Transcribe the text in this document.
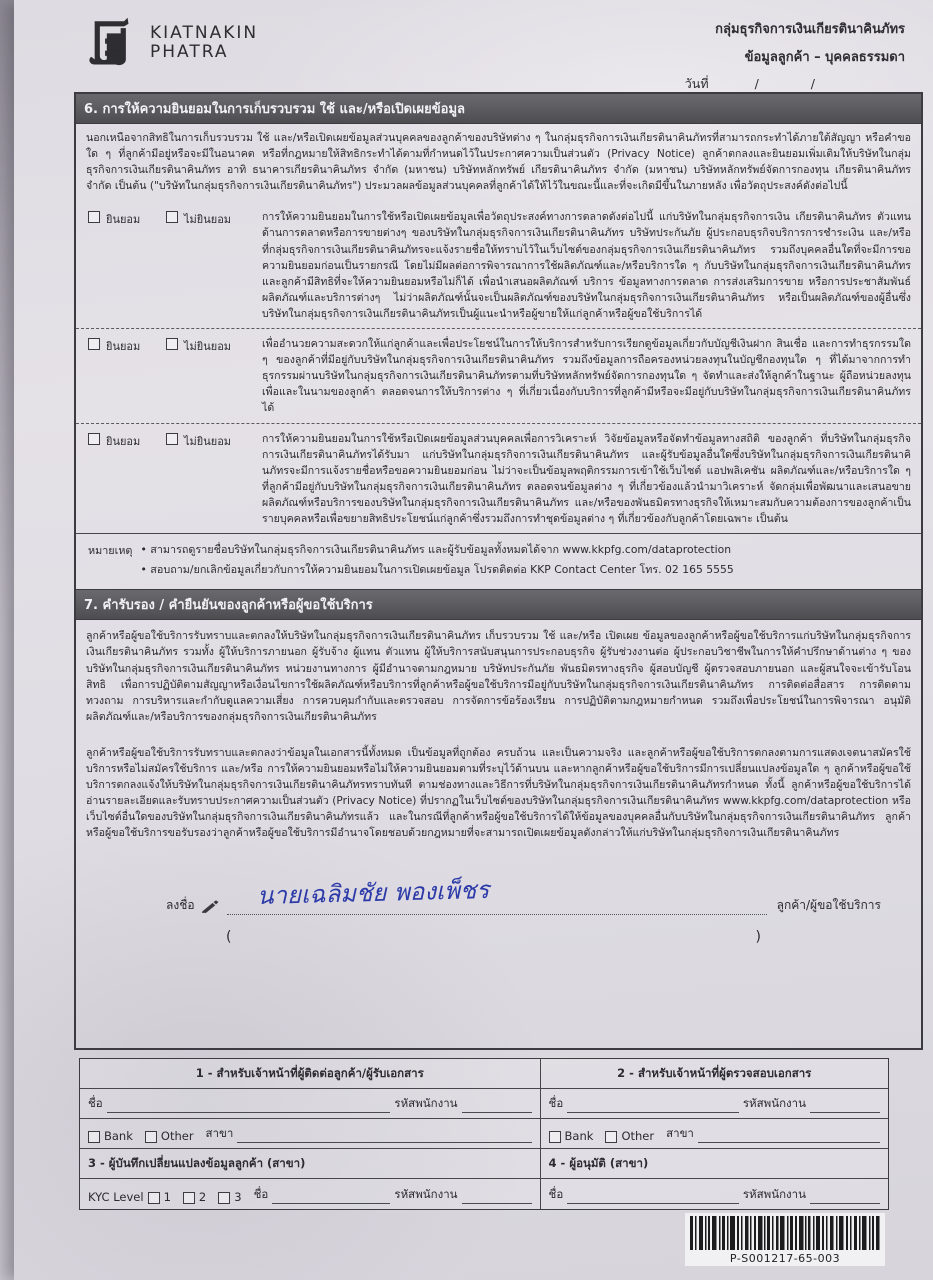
KIATNAKIN
PHATRA
กลุ่มธุรกิจการเงินเกียรตินาคินภัทร
ข้อมูลลูกค้า – บุคคลธรรมดา
วันที่	/	/
6. การให้ความยินยอมในการเก็บรวบรวม ใช้ และ/หรือเปิดเผยข้อมูล
นอกเหนือจากสิทธิในการเก็บรวบรวม ใช้ และ/หรือเปิดเผยข้อมูลส่วนบุคคลของลูกค้าของบริษัทต่าง ๆ ในกลุ่มธุรกิจการเงินเกียรตินาคินภัทรที่สามารถกระทำได้ภายใต้สัญญา หรือคำขอใด ๆ ที่ลูกค้ามีอยู่หรือจะมีในอนาคต หรือที่กฎหมายให้สิทธิกระทำได้ตามที่กำหนดไว้ในประกาศความเป็นส่วนตัว (Privacy Notice) ลูกค้าตกลงและยินยอมเพิ่มเติมให้บริษัทในกลุ่มธุรกิจการเงินเกียรตินาคินภัทร อาทิ ธนาคารเกียรตินาคินภัทร จำกัด (มหาชน) บริษัทหลักทรัพย์ เกียรตินาคินภัทร จำกัด (มหาชน) บริษัทหลักทรัพย์จัดการกองทุน เกียรตินาคินภัทร จำกัด เป็นต้น ("บริษัทในกลุ่มธุรกิจการเงินเกียรตินาคินภัทร") ประมวลผลข้อมูลส่วนบุคคลที่ลูกค้าได้ให้ไว้ในขณะนี้และที่จะเกิดมีขึ้นในภายหลัง เพื่อวัตถุประสงค์ดังต่อไปนี้
ยินยอม	ไม่ยินยอม	การให้ความยินยอมในการใช้หรือเปิดเผยข้อมูลเพื่อวัตถุประสงค์ทางการตลาดดังต่อไปนี้ แก่บริษัทในกลุ่มธุรกิจการเงิน เกียรตินาคินภัทร ตัวแทนด้านการตลาดหรือการขายต่างๆ ของบริษัทในกลุ่มธุรกิจการเงินเกียรตินาคินภัทร บริษัทประกันภัย ผู้ประกอบธุรกิจบริการการชำระเงิน และ/หรือ ที่กลุ่มธุรกิจการเงินเกียรตินาคินภัทรจะแจ้งรายชื่อให้ทราบไว้ในเว็บไซต์ของกลุ่มธุรกิจการเงินเกียรตินาคินภัทร รวมถึงบุคคลอื่นใดที่จะมีการขอความยินยอมก่อนเป็นรายกรณี โดยไม่มีผลต่อการพิจารณาการใช้ผลิตภัณฑ์และ/หรือบริการใด ๆ กับบริษัทในกลุ่มธุรกิจการเงินเกียรตินาคินภัทร และลูกค้ามีสิทธิที่จะให้ความยินยอมหรือไม่ก็ได้ เพื่อนำเสนอผลิตภัณฑ์ บริการ ข้อมูลทางการตลาด การส่งเสริมการขาย หรือการประชาสัมพันธ์ผลิตภัณฑ์และบริการต่างๆ ไม่ว่าผลิตภัณฑ์นั้นจะเป็นผลิตภัณฑ์ของบริษัทในกลุ่มธุรกิจการเงินเกียรตินาคินภัทร หรือเป็นผลิตภัณฑ์ของผู้อื่นซึ่งบริษัทในกลุ่มธุรกิจการเงินเกียรตินาคินภัทรเป็นผู้แนะนำหรือผู้ขายให้แก่ลูกค้าหรือผู้ขอใช้บริการได้
ยินยอม	ไม่ยินยอม	เพื่ออำนวยความสะดวกให้แก่ลูกค้าและเพื่อประโยชน์ในการให้บริการสำหรับการเรียกดูข้อมูลเกี่ยวกับบัญชีเงินฝาก สินเชื่อ และการทำธุรกรรมใด ๆ ของลูกค้าที่มีอยู่กับบริษัทในกลุ่มธุรกิจการเงินเกียรตินาคินภัทร รวมถึงข้อมูลการถือครองหน่วยลงทุนในบัญชีกองทุนใด ๆ ที่ได้มาจากการทำธุรกรรมผ่านบริษัทในกลุ่มธุรกิจการเงินเกียรตินาคินภัทรตามที่บริษัทหลักทรัพย์จัดการกองทุนใด ๆ จัดทำและส่งให้ลูกค้าในฐานะ ผู้ถือหน่วยลงทุนเพื่อและในนามของลูกค้า ตลอดจนการให้บริการต่าง ๆ ที่เกี่ยวเนื่องกับบริการที่ลูกค้ามีหรือจะมีอยู่กับบริษัทในกลุ่มธุรกิจการเงินเกียรตินาคินภัทรได้
ยินยอม	ไม่ยินยอม	การให้ความยินยอมในการใช้หรือเปิดเผยข้อมูลส่วนบุคคลเพื่อการวิเคราะห์ วิจัยข้อมูลหรือจัดทำข้อมูลทางสถิติ ของลูกค้า ที่บริษัทในกลุ่มธุรกิจการเงินเกียรตินาคินภัทรได้รับมา แก่บริษัทในกลุ่มธุรกิจการเงินเกียรตินาคินภัทร และผู้รับข้อมูลอื่นใดซึ่งบริษัทในกลุ่มธุรกิจการเงินเกียรตินาคินภัทรจะมีการแจ้งรายชื่อหรือขอความยินยอมก่อน ไม่ว่าจะเป็นข้อมูลพฤติกรรมการเข้าใช้เว็บไซต์ แอปพลิเคชัน ผลิตภัณฑ์และ/หรือบริการใด ๆ ที่ลูกค้ามีอยู่กับบริษัทในกลุ่มธุรกิจการเงินเกียรตินาคินภัทร ตลอดจนข้อมูลต่าง ๆ ที่เกี่ยวข้องแล้วนำมาวิเคราะห์ จัดกลุ่มเพื่อพัฒนาและเสนอขายผลิตภัณฑ์หรือบริการของบริษัทในกลุ่มธุรกิจการเงินเกียรตินาคินภัทร และ/หรือของพันธมิตรทางธุรกิจให้เหมาะสมกับความต้องการของลูกค้าเป็นรายบุคคลหรือเพื่อขยายสิทธิประโยชน์แก่ลูกค้าซึ่งรวมถึงการทำชุดข้อมูลต่าง ๆ ที่เกี่ยวข้องกับลูกค้าโดยเฉพาะ เป็นต้น
หมายเหตุ	• สามารถดูรายชื่อบริษัทในกลุ่มธุรกิจการเงินเกียรตินาคินภัทร และผู้รับข้อมูลทั้งหมดได้จาก www.kkpfg.com/dataprotection
• สอบถาม/ยกเลิกข้อมูลเกี่ยวกับการให้ความยินยอมในการเปิดเผยข้อมูล โปรดติดต่อ KKP Contact Center โทร. 02 165 5555
7. คำรับรอง / คำยืนยันของลูกค้าหรือผู้ขอใช้บริการ
ลูกค้าหรือผู้ขอใช้บริการรับทราบและตกลงให้บริษัทในกลุ่มธุรกิจการเงินเกียรตินาคินภัทร เก็บรวบรวม ใช้ และ/หรือ เปิดเผย ข้อมูลของลูกค้าหรือผู้ขอใช้บริการแก่บริษัทในกลุ่มธุรกิจการเงินเกียรตินาคินภัทร รวมทั้ง ผู้ให้บริการภายนอก ผู้รับจ้าง ผู้แทน ตัวแทน ผู้ให้บริการสนับสนุนการประกอบธุรกิจ ผู้รับช่วงงานต่อ ผู้ประกอบวิชาชีพในการให้คำปรึกษาด้านต่าง ๆ ของบริษัทในกลุ่มธุรกิจการเงินเกียรตินาคินภัทร หน่วยงานทางการ ผู้มีอำนาจตามกฎหมาย บริษัทประกันภัย พันธมิตรทางธุรกิจ ผู้สอบบัญชี ผู้ตรวจสอบภายนอก และผู้สนใจจะเข้ารับโอนสิทธิ เพื่อการปฏิบัติตามสัญญาหรือเงื่อนไขการใช้ผลิตภัณฑ์หรือบริการที่ลูกค้าหรือผู้ขอใช้บริการมีอยู่กับบริษัทในกลุ่มธุรกิจการเงินเกียรตินาคินภัทร การติดต่อสื่อสาร การติดตามทวงถาม การบริหารและกำกับดูแลความเสี่ยง การควบคุมกำกับและตรวจสอบ การจัดการข้อร้องเรียน การปฏิบัติตามกฎหมายกำหนด รวมถึงเพื่อประโยชน์ในการพิจารณา อนุมัติ ผลิตภัณฑ์และ/หรือบริการของกลุ่มธุรกิจการเงินเกียรตินาคินภัทร
ลูกค้าหรือผู้ขอใช้บริการรับทราบและตกลงว่าข้อมูลในเอกสารนี้ทั้งหมด เป็นข้อมูลที่ถูกต้อง ครบถ้วน และเป็นความจริง และลูกค้าหรือผู้ขอใช้บริการตกลงตามการแสดงเจตนาสมัครใช้บริการหรือไม่สมัครใช้บริการ และ/หรือ การให้ความยินยอมหรือไม่ให้ความยินยอมตามที่ระบุไว้ด้านบน และหากลูกค้าหรือผู้ขอใช้บริการมีการเปลี่ยนแปลงข้อมูลใด ๆ ลูกค้าหรือผู้ขอใช้บริการตกลงแจ้งให้บริษัทในกลุ่มธุรกิจการเงินเกียรตินาคินภัทรทราบทันที ตามช่องทางและวิธีการที่บริษัทในกลุ่มธุรกิจการเงินเกียรตินาคินภัทรกำหนด ทั้งนี้ ลูกค้าหรือผู้ขอใช้บริการได้อ่านรายละเอียดและรับทราบประกาศความเป็นส่วนตัว (Privacy Notice) ที่ปรากฏในเว็บไซต์ของบริษัทในกลุ่มธุรกิจการเงินเกียรตินาคินภัทร www.kkpfg.com/dataprotection หรือ เว็บไซต์อื่นใดของบริษัทในกลุ่มธุรกิจการเงินเกียรตินาคินภัทรแล้ว และในกรณีที่ลูกค้าหรือผู้ขอใช้บริการได้ให้ข้อมูลของบุคคลอื่นกับบริษัทในกลุ่มธุรกิจการเงินเกียรตินาคินภัทร ลูกค้าหรือผู้ขอใช้บริการขอรับรองว่าลูกค้าหรือผู้ขอใช้บริการมีอำนาจโดยชอบด้วยกฎหมายที่จะสามารถเปิดเผยข้อมูลดังกล่าวให้แก่บริษัทในกลุ่มธุรกิจการเงินเกียรตินาคินภัทร
ลงชื่อ	นายเฉลิมชัย พองเพ็ชร	ลูกค้า/ผู้ขอใช้บริการ
(	)
1 - สำหรับเจ้าหน้าที่ผู้ติดต่อลูกค้า/ผู้รับเอกสาร	2 - สำหรับเจ้าหน้าที่ผู้ตรวจสอบเอกสาร
ชื่อ	รหัสพนักงาน	ชื่อ	รหัสพนักงาน
Bank Other สาขา	Bank Other สาขา
3 - ผู้บันทึกเปลี่ยนแปลงข้อมูลลูกค้า (สาขา)	4 - ผู้อนุมัติ (สาขา)
KYC Level 1 2 3 ชื่อ	รหัสพนักงาน	ชื่อ	รหัสพนักงาน
P-S001217-65-003
